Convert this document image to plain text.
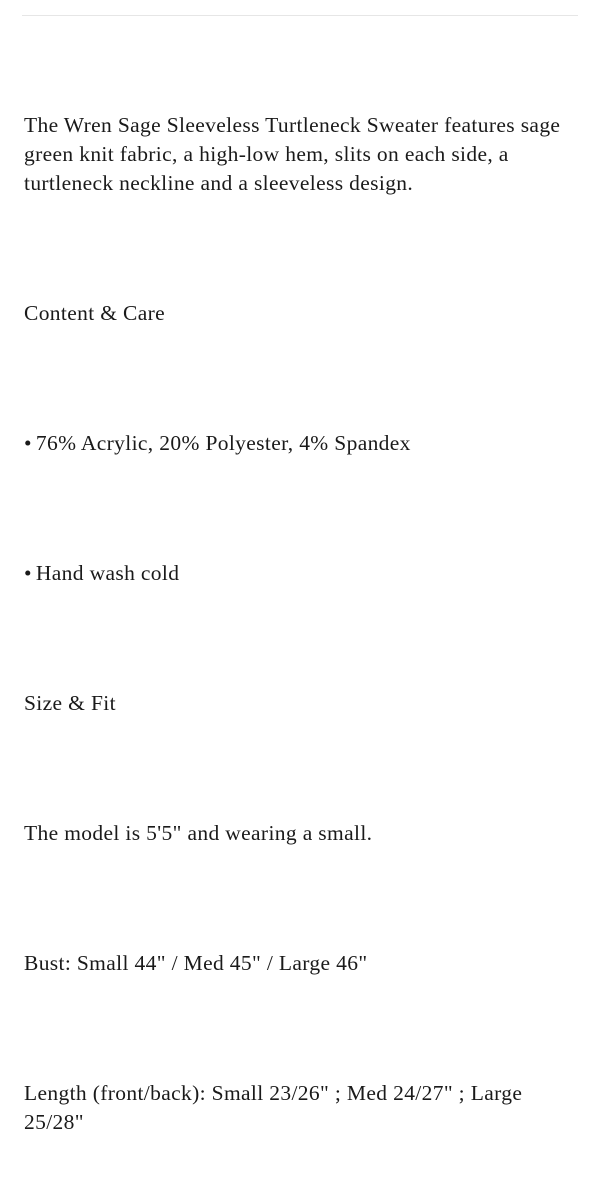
The Wren Sage Sleeveless Turtleneck Sweater features sage green knit fabric, a high-low hem, slits on each side, a turtleneck neckline and a sleeveless design.

Content & Care

• 76% Acrylic, 20% Polyester, 4% Spandex

• Hand wash cold

Size & Fit

The model is 5'5" and wearing a small.

Bust: Small 44" / Med 45" / Large 46"

Length (front/back): Small 23/26" ; Med 24/27" ; Large 25/28"
